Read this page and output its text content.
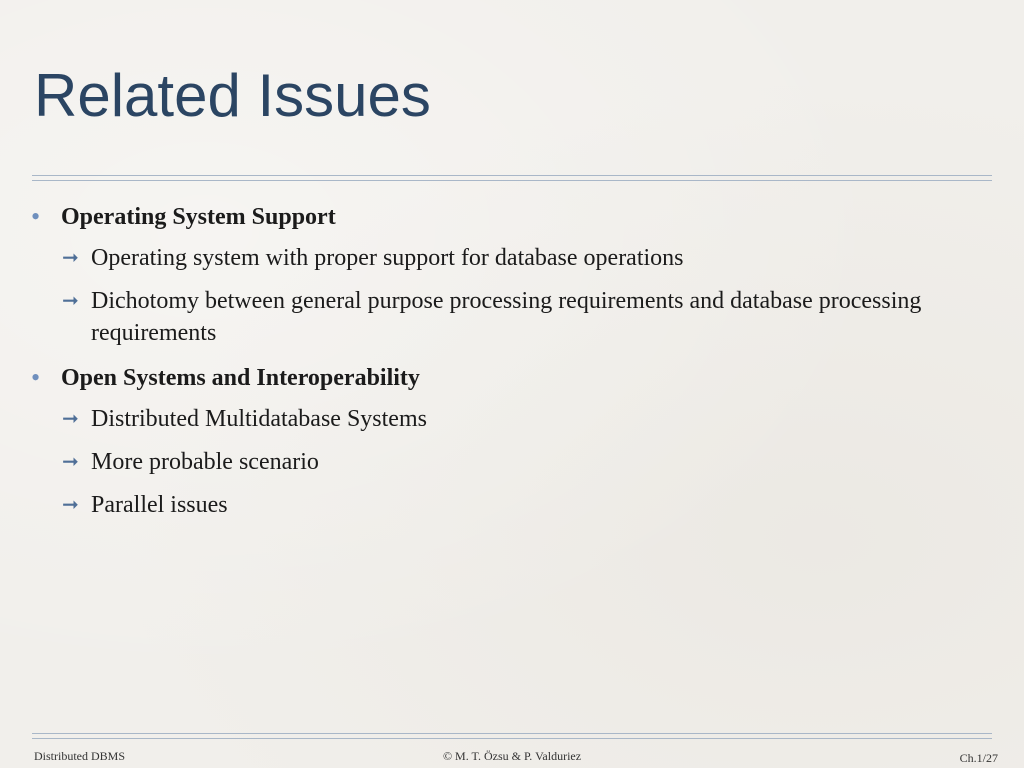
Related Issues

• Operating System Support

➞ Operating system with proper support for database operations

➞ Dichotomy between general purpose processing requirements and database processing requirements

• Open Systems and Interoperability

➞ Distributed Multidatabase Systems

➞ More probable scenario

➞ Parallel issues

Distributed DBMS	© M. T. Özsu & P. Valduriez	Ch.1/27
